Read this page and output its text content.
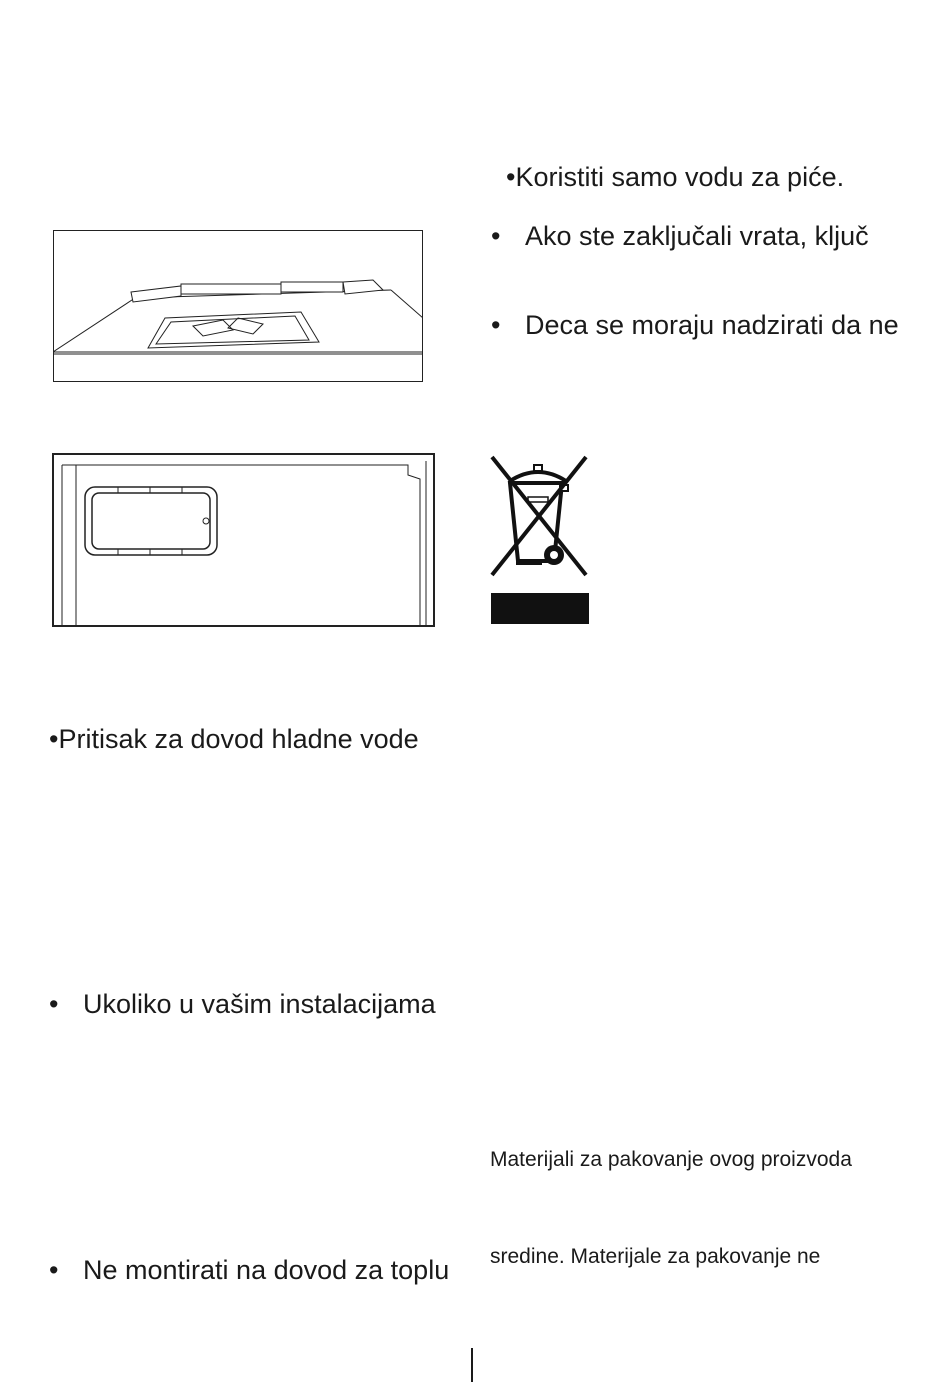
•Koristiti samo vodu za piće.
• Ako ste zaključali vrata, ključ
• Deca se moraju nadzirati da ne
•Pritisak za dovod hladne vode
• Ukoliko u vašim instalacijama
• Ne montirati na dovod za toplu
Materijali za pakovanje ovog proizvoda
sredine. Materijale za pakovanje ne
